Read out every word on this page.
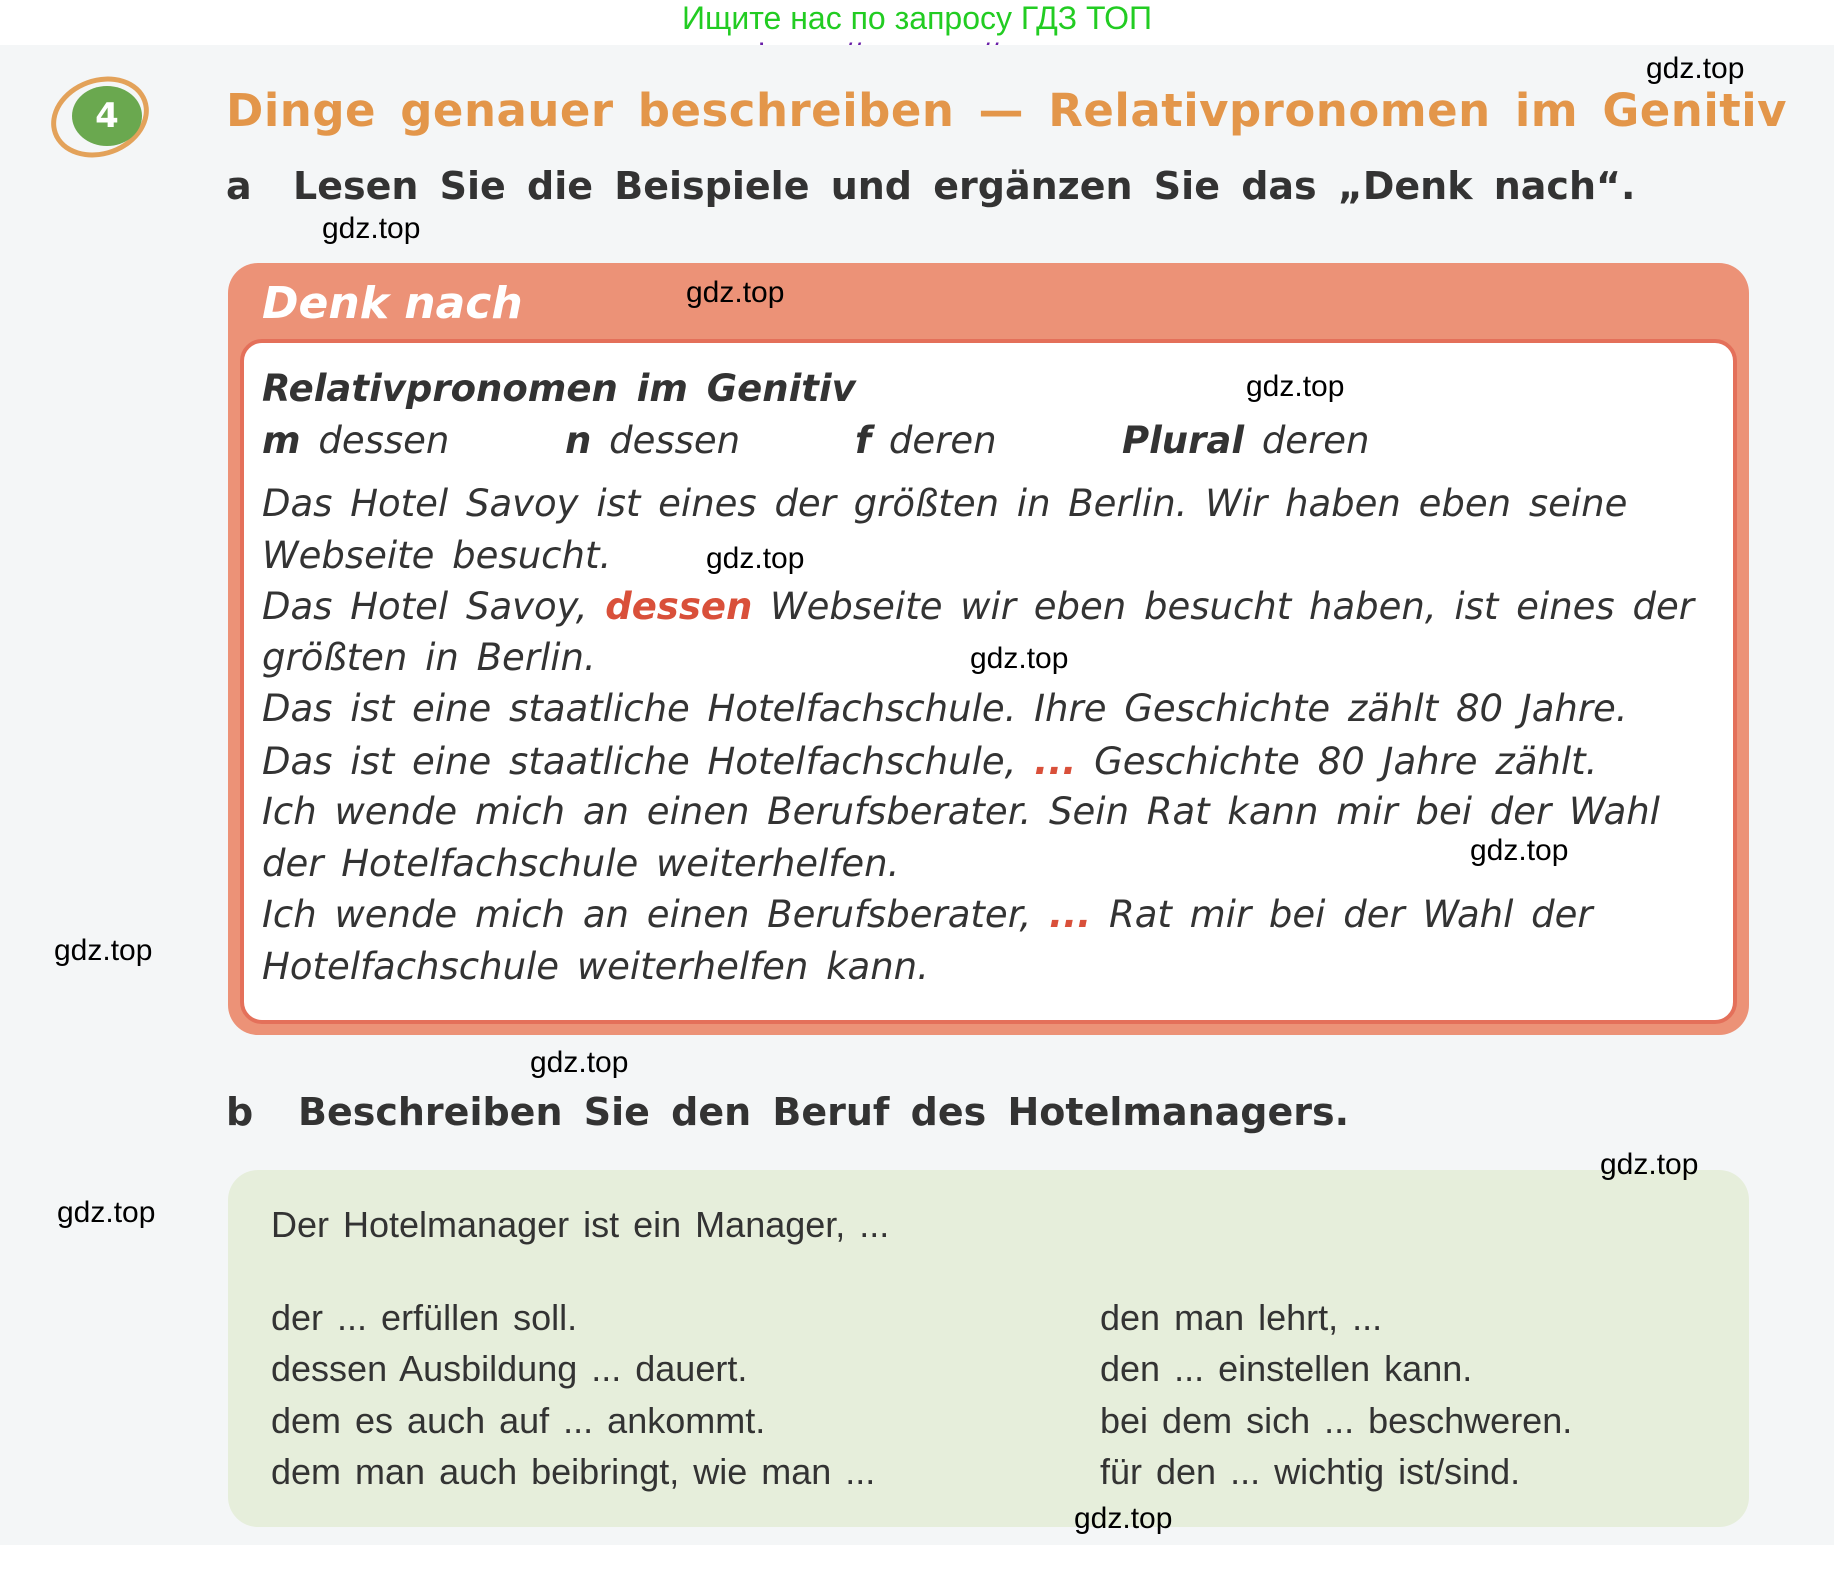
Ищите нас по запросу ГДЗ ТОП
4	Dinge genauer beschreiben — Relativpronomen im Genitiv
a Lesen Sie die Beispiele und ergänzen Sie das „Denk nach“.
Denk nach
Relativpronomen im Genitiv
m dessen	n dessen	f deren	Plural deren
Das Hotel Savoy ist eines der größten in Berlin. Wir haben eben seine
Webseite besucht.
Das Hotel Savoy, dessen Webseite wir eben besucht haben, ist eines der
größten in Berlin.
Das ist eine staatliche Hotelfachschule. Ihre Geschichte zählt 80 Jahre.
Das ist eine staatliche Hotelfachschule, ... Geschichte 80 Jahre zählt.
Ich wende mich an einen Berufsberater. Sein Rat kann mir bei der Wahl
der Hotelfachschule weiterhelfen.
Ich wende mich an einen Berufsberater, ... Rat mir bei der Wahl der
Hotelfachschule weiterhelfen kann.
b Beschreiben Sie den Beruf des Hotelmanagers.
Der Hotelmanager ist ein Manager, ...
der ... erfüllen soll.
dessen Ausbildung ... dauert.
dem es auch auf ... ankommt.
dem man auch beibringt, wie man ...
den man lehrt, ...
den ... einstellen kann.
bei dem sich ... beschweren.
für den ... wichtig ist/sind.
gdz.top
gdz.top
gdz.top
gdz.top
gdz.top
gdz.top
gdz.top
gdz.top
gdz.top
gdz.top
gdz.top
gdz.top
